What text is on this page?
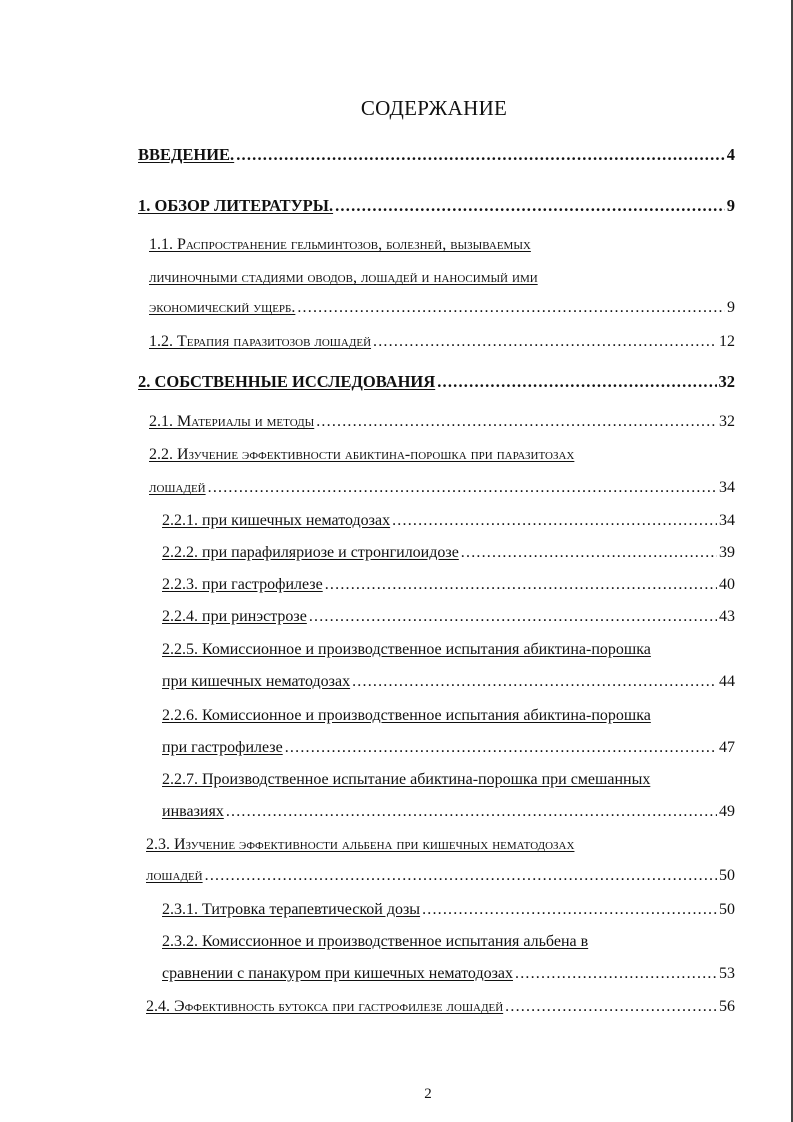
СОДЕРЖАНИЕ
ВВЕДЕНИЕ. .....	4
1. ОБЗОР ЛИТЕРАТУРЫ. .....	9
1.1. Распространение гельминтозов, болезней, вызываемых
личиночными стадиями оводов, лошадей и наносимый ими
экономический ущерб. .....	9
1.2. Терапия паразитозов лошадей .....	12
2. СОБСТВЕННЫЕ ИССЛЕДОВАНИЯ .....	32
2.1. Материалы и методы .....	32
2.2. Изучение эффективности абиктина-порошка при паразитозах
лошадей .....	34
2.2.1. при кишечных нематодозах .....	34
2.2.2. при парафиляриозе и стронгилоидозе .....	39
2.2.3. при гастрофилезе .....	40
2.2.4. при ринэстрозе .....	43
2.2.5. Комиссионное и производственное испытания абиктина-порошка
при кишечных нематодозах .....	44
2.2.6. Комиссионное и производственное испытания абиктина-порошка
при гастрофилезе .....	47
2.2.7. Производственное испытание абиктина-порошка при смешанных
инвазиях .....	49
2.3. Изучение эффективности альбена при кишечных нематодозах
лошадей .....	50
2.3.1. Титровка терапевтической дозы .....	50
2.3.2. Комиссионное и производственное испытания альбена в
сравнении с панакуром при кишечных нематодозах .....	53
2.4. Эффективность бутокса при гастрофилезе лошадей .....	56
2
